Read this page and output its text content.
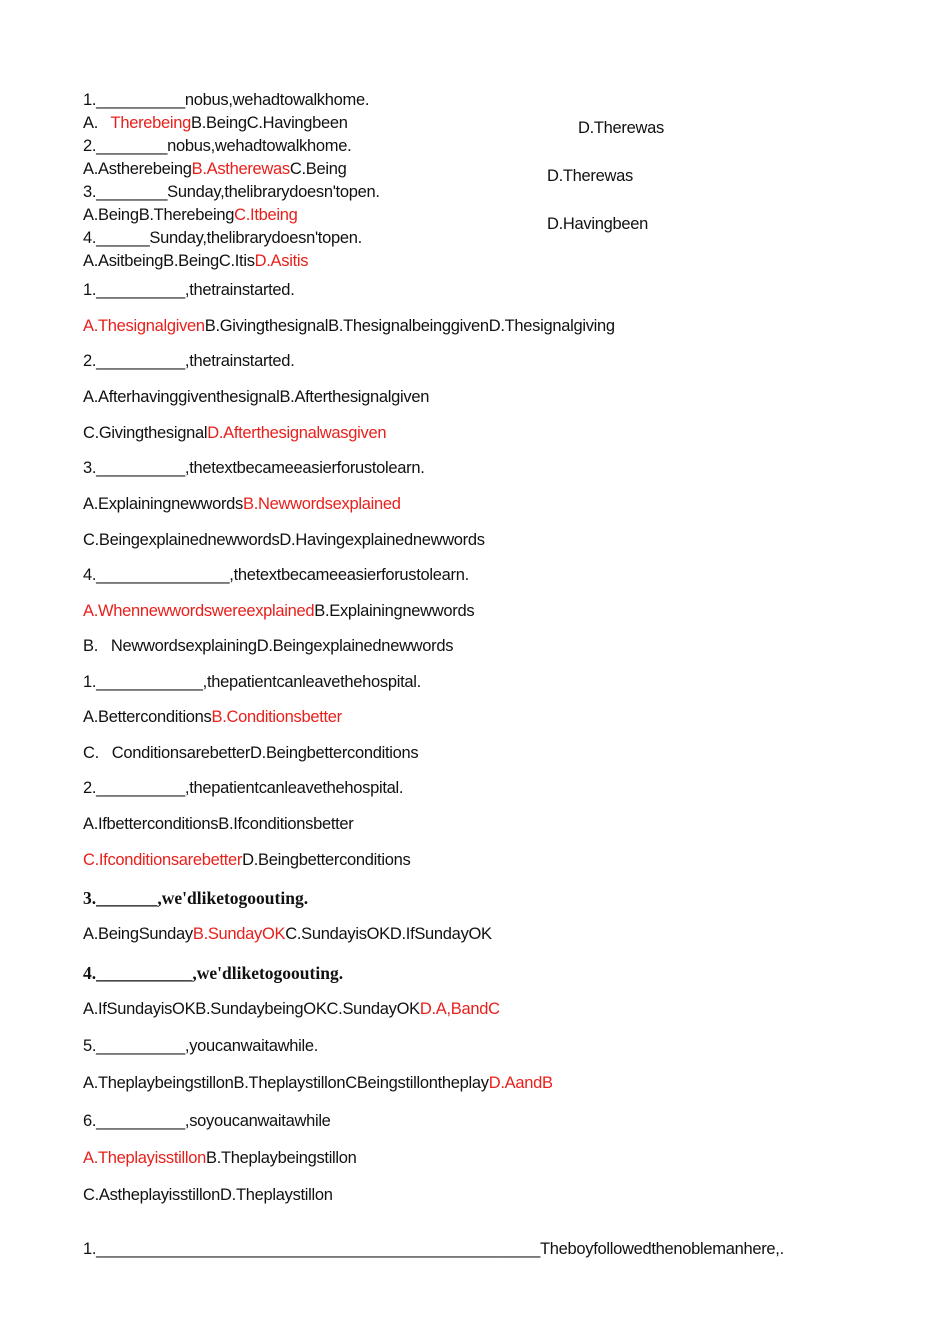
1.__________nobus,wehadtowalkhome.
A.   TherebeingB.BeingC.Havingbeen
2.________nobus,wehadtowalkhome.
A.AstherebeingB.AstherewasC.Being
3.________Sunday,thelibrarydoesn'topen.
A.BeingB.TherebeingC.Itbeing
4.______Sunday,thelibrarydoesn'topen.
A.AsitbeingB.BeingC.ItisD.Asitis
1.__________,thetrainstarted.
A.ThesignalgivenB.GivingthesignalB.ThesignalbeinggivenD.Thesignalgiving
2.__________,thetrainstarted.
A.AfterhavinggiventhesignalB.Afterthesignalgiven
C.GivingthesignalD.Afterthesignalwasgiven
3.__________,thetextbecameeasierforustolearn.
A.ExplainingnewwordsB.Newwordsexplained
C.BeingexplainednewwordsD.Havingexplainednewwords
4._______________,thetextbecameeasierforustolearn.
A.WhennewwordswereexplainedB.Explainingnewwords
B.   NewwordsexplainingD.Beingexplainednewwords
1.____________,thepatientcanleavethehospital.
A.BetterconditionsB.Conditionsbetter
C.   ConditionsarebetterD.Beingbetterconditions
2.__________,thepatientcanleavethehospital.
A.IfbetterconditionsB.Ifconditionsbetter
C.IfconditionsarebetterD.Beingbetterconditions
3._______,we'dliketogoouting.
A.BeingSundayB.SundayOKC.SundayisOKD.IfSundayOK
4.___________,we'dliketogoouting.
A.IfSundayisOKB.SundaybeingOKC.SundayOKD.A,BandC
5.__________,youcanwaitawhile.
A.TheplaybeingstillonB.TheplaystillonCBeingstillontheplayD.AandB
6.__________,soyoucanwaitawhile
A.TheplayisstillonB.Theplaybeingstillon
C.AstheplayisstillonD.Theplaystillon
1.__________________________________________________Theboyfollowedthenoblemanhere,.
D.Therewas
D.Therewas
D.Havingbeen
